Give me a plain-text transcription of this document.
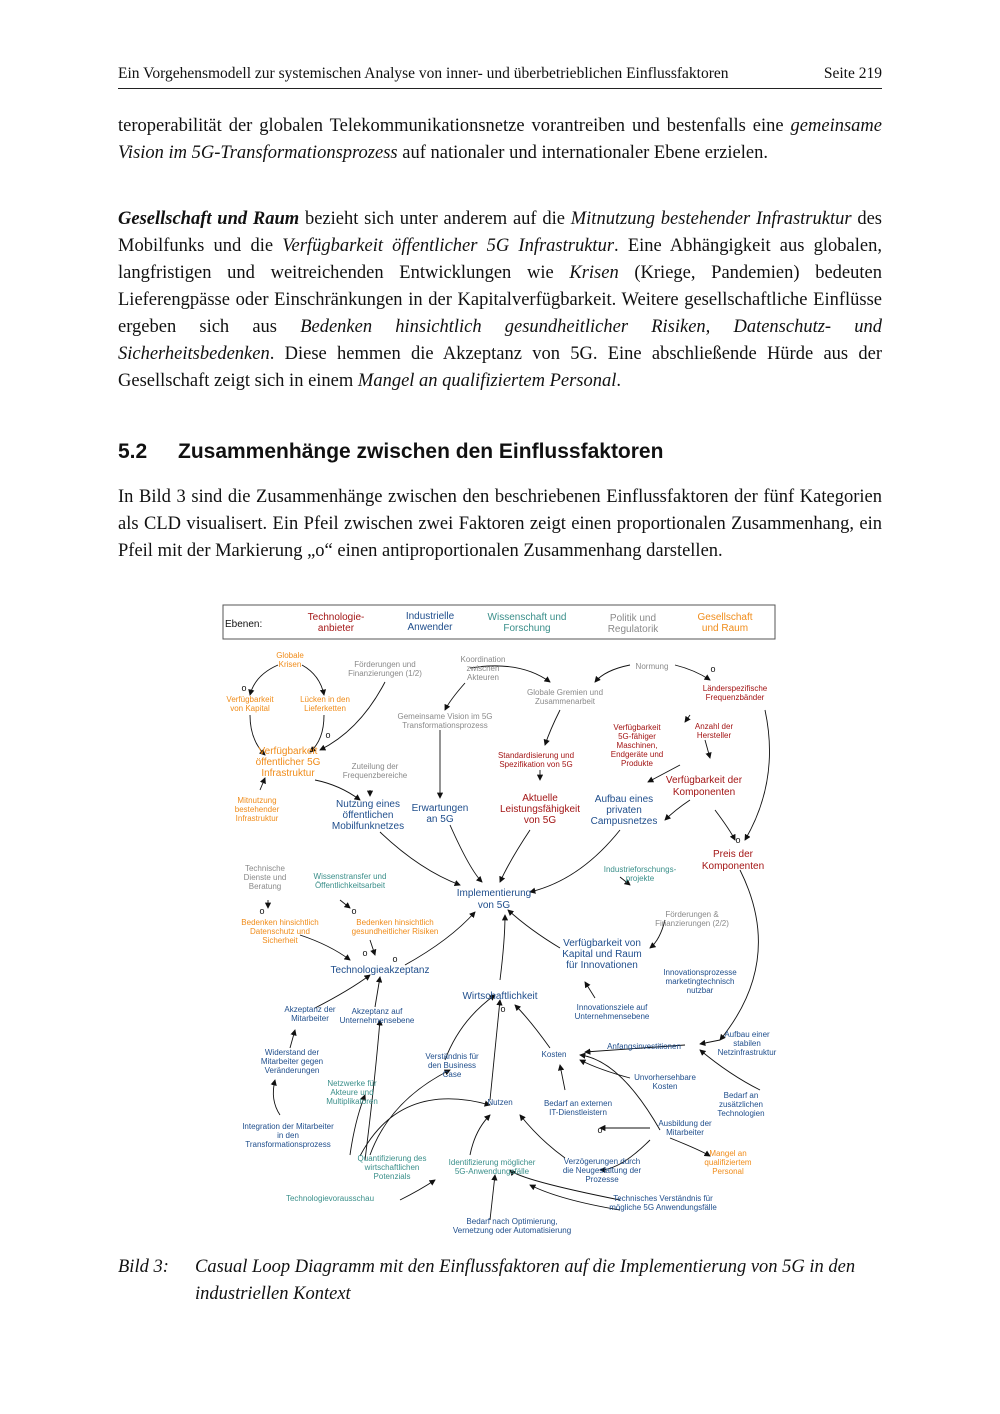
Ein Vorgehensmodell zur systemischen Analyse von inner- und überbetrieblichen Einflussfaktoren	Seite 219

teroperabilität der globalen Telekommunikationsnetze vorantreiben und bestenfalls eine gemeinsame Vision im 5G-Transformationsprozess auf nationaler und internationaler Ebene erzielen.

Gesellschaft und Raum bezieht sich unter anderem auf die Mitnutzung bestehender Infrastruktur des Mobilfunks und die Verfügbarkeit öffentlicher 5G Infrastruktur. Eine Abhängigkeit aus globalen, langfristigen und weitreichenden Entwicklungen wie Krisen (Kriege, Pandemien) bedeuten Lieferengpässe oder Einschränkungen in der Kapitalverfügbarkeit. Weitere gesellschaftliche Einflüsse ergeben sich aus Bedenken hinsichtlich gesundheitlicher Risiken, Datenschutz- und Sicherheitsbedenken. Diese hemmen die Akzeptanz von 5G. Eine abschließende Hürde aus der Gesellschaft zeigt sich in einem Mangel an qualifiziertem Personal.

5.2 Zusammenhänge zwischen den Einflussfaktoren

In Bild 3 sind die Zusammenhänge zwischen den beschriebenen Einflussfaktoren der fünf Kategorien als CLD visualisert. Ein Pfeil zwischen zwei Faktoren zeigt einen proportionalen Zusammenhang, ein Pfeil mit der Markierung „o“ einen antiproportionalen Zusammenhang darstellen.

Ebenen:
Technologie-
anbieter
Industrielle
Anwender
Wissenschaft und
Forschung
Politik und
Regulatorik
Gesellschaft
und Raum
o
o
o
o
o	o
o
o
o
o
Globale
Krisen
Verfügbarkeit
von Kapital
Lücken in den
Lieferketten
Verfügbarkeit
öffentlicher 5G
Infrastruktur
Mitnutzung
bestehender
Infrastruktur
Bedenken hinsichtlich
Datenschutz und
Sicherheit
Bedenken hinsichtlich
gesundheitlicher Risiken
Mangel an
qualifiziertem
Personal
Förderungen und
Finanzierungen (1/2)
Koordination
zwischen
Akteuren
Normung
Globale Gremien und
Zusammenarbeit
Gemeinsame Vision im 5G
Transformationsprozess
Zuteilung der
Frequenzbereiche
Technische
Dienste und
Beratung
Förderungen &
Finanzierungen (2/2)
Länderspezifische
Frequenzbänder
Verfügbarkeit
5G-fähiger
Maschinen,
Endgeräte und
Produkte
Anzahl der
Hersteller
Standardisierung und
Spezifikation von 5G
Verfügbarkeit der
Komponenten
Aktuelle
Leistungsfähigkeit
von 5G
Preis der
Komponenten
Wissenstransfer und
Öffentlichkeitsarbeit
Industrieforschungs-
projekte
Netzwerke für
Akteure und
Multiplikatoren
Quantifizierung des
wirtschaftlichen
Potenzials
Identifizierung möglicher
5G-Anwendungsfälle
Technologievorausschau
Nutzung eines
öffentlichen
Mobilfunknetzes
Erwartungen
an 5G
Aufbau eines
privaten
Campusnetzes
Implementierung
von 5G
Technologieakzeptanz
Verfügbarkeit von
Kapital und Raum
für Innovationen
Innovationsprozesse
marketingtechnisch
nutzbar
Akzeptanz der
Mitarbeiter
Akzeptanz auf
Unternehmensebene
Wirtschaftlichkeit
Innovationsziele auf
Unternehmensebene
Widerstand der
Mitarbeiter gegen
Veränderungen
Anfangsinvestitionen
Aufbau einer
stabilen
Netzinfrastruktur
Verständnis für
den Business
Case
Kosten
Unvorhersehbare
Kosten
Nutzen	Bedarf an externen
IT-Dienstleistern
Bedarf an
zusätzlichen
Technologien
Integration der Mitarbeiter
in den
Transformationsprozess
Ausbildung der
Mitarbeiter
Verzögerungen durch
die Neugestaltung der
Prozesse
Technisches Verständnis für
mögliche 5G Anwendungsfälle
Bedarf nach Optimierung,
Vernetzung oder Automatisierung
Bild 3: Casual Loop Diagramm mit den Einflussfaktoren auf die Implementierung von 5G in den industriellen Kontext
